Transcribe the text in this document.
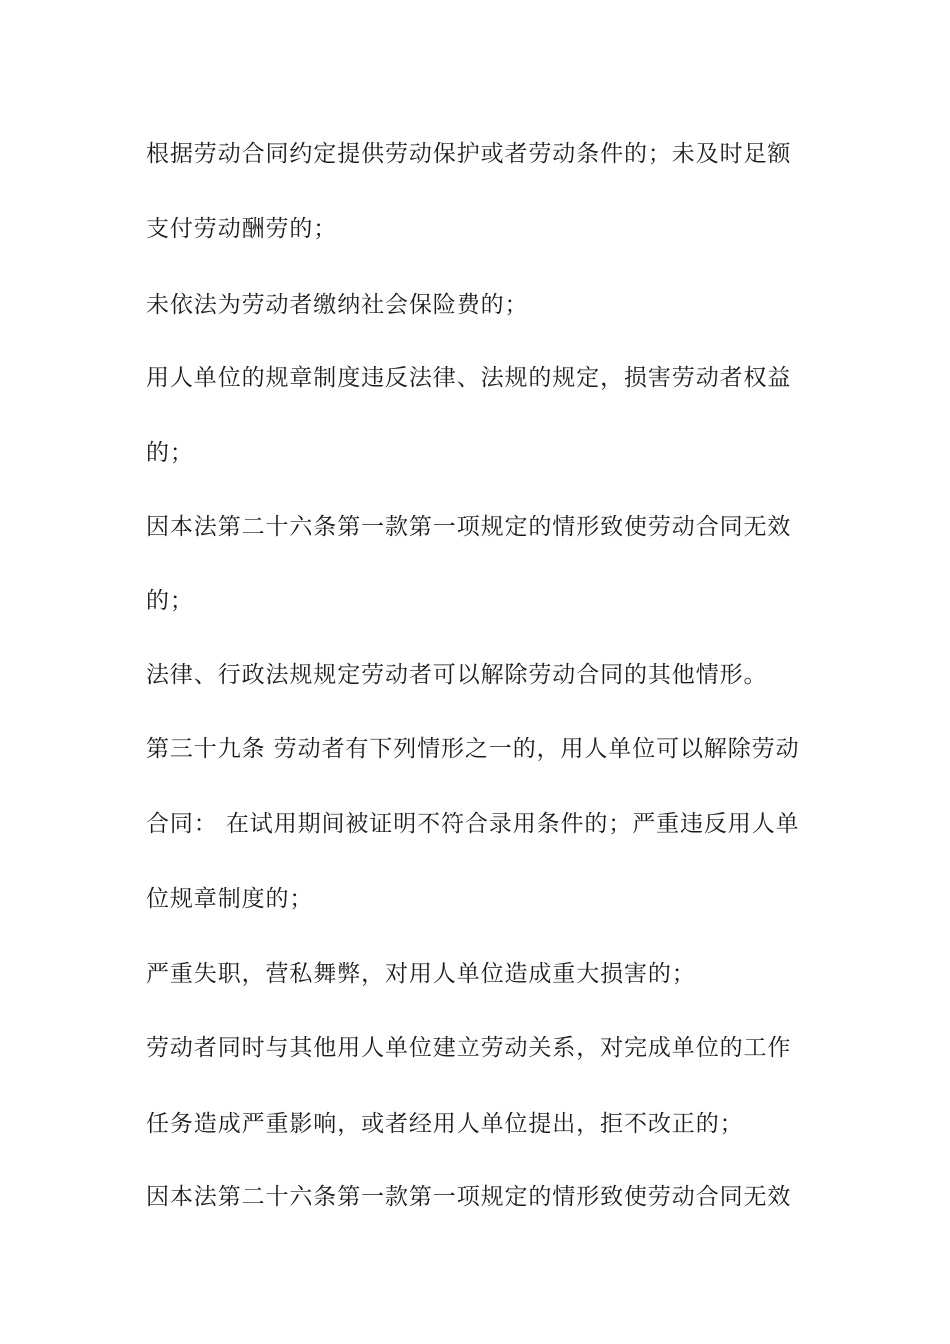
根据劳动合同约定提供劳动保护或者劳动条件的；未及时足额
支付劳动酬劳的；
未依法为劳动者缴纳社会保险费的；
用人单位的规章制度违反法律、法规的规定，损害劳动者权益
的；
因本法第二十六条第一款第一项规定的情形致使劳动合同无效
的；
法律、行政法规规定劳动者可以解除劳动合同的其他情形。
第三十九条 劳动者有下列情形之一的，用人单位可以解除劳动
合同： 在试用期间被证明不符合录用条件的；严重违反用人单
位规章制度的；
严重失职，营私舞弊，对用人单位造成重大损害的；
劳动者同时与其他用人单位建立劳动关系，对完成单位的工作
任务造成严重影响，或者经用人单位提出，拒不改正的；
因本法第二十六条第一款第一项规定的情形致使劳动合同无效
